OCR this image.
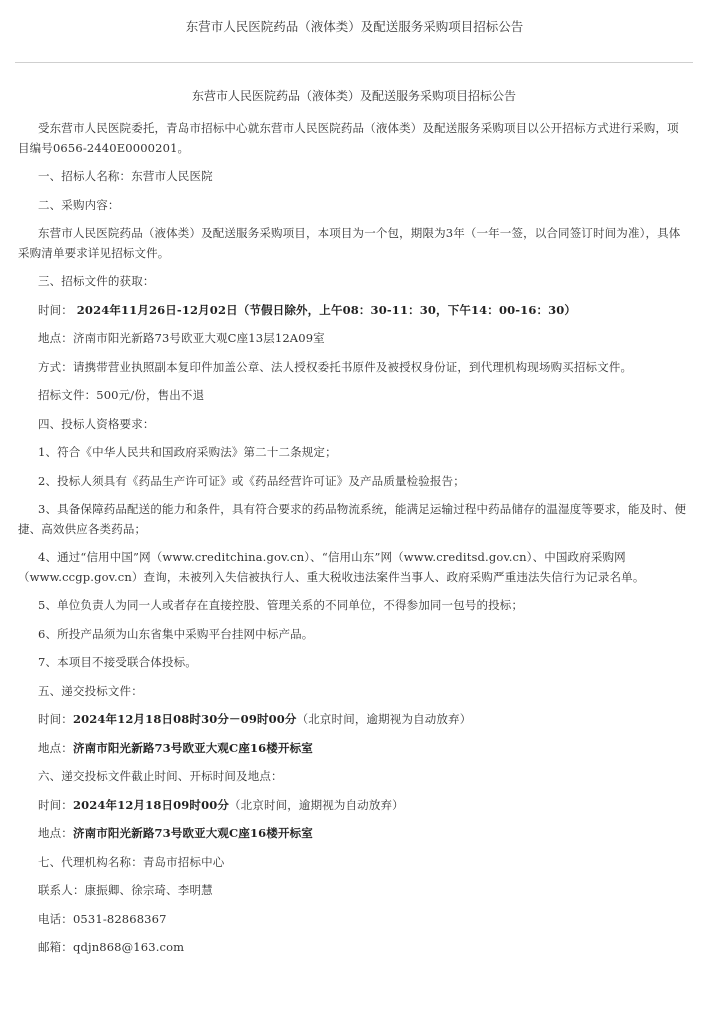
东营市人民医院药品（液体类）及配送服务采购项目招标公告
东营市人民医院药品（液体类）及配送服务采购项目招标公告

受东营市人民医院委托，青岛市招标中心就东营市人民医院药品（液体类）及配送服务采购项目以公开招标方式进行采购，项目编号0656-2440E0000201。

一、招标人名称：东营市人民医院

二、采购内容：

东营市人民医院药品（液体类）及配送服务采购项目，本项目为一个包，期限为3年（一年一签，以合同签订时间为准），具体采购清单要求详见招标文件。

三、招标文件的获取：

时间： 2024年11月26日-12月02日（节假日除外，上午08：30-11：30，下午14：00-16：30）

地点：济南市阳光新路73号欧亚大观C座13层12A09室

方式：请携带营业执照副本复印件加盖公章、法人授权委托书原件及被授权身份证，到代理机构现场购买招标文件。

招标文件：500元/份，售出不退

四、投标人资格要求：

1、符合《中华人民共和国政府采购法》第二十二条规定；

2、投标人须具有《药品生产许可证》或《药品经营许可证》及产品质量检验报告；

3、具备保障药品配送的能力和条件，具有符合要求的药品物流系统，能满足运输过程中药品储存的温湿度等要求，能及时、便捷、高效供应各类药品；

4、通过“信用中国”网（www.creditchina.gov.cn）、“信用山东”网（www.creditsd.gov.cn）、中国政府采购网（www.ccgp.gov.cn）查询，未被列入失信被执行人、重大税收违法案件当事人、政府采购严重违法失信行为记录名单。

5、单位负责人为同一人或者存在直接控股、管理关系的不同单位，不得参加同一包号的投标；

6、所投产品须为山东省集中采购平台挂网中标产品。

7、本项目不接受联合体投标。

五、递交投标文件：

时间：2024年12月18日08时30分－09时00分（北京时间，逾期视为自动放弃）

地点：济南市阳光新路73号欧亚大观C座16楼开标室

六、递交投标文件截止时间、开标时间及地点：

时间：2024年12月18日09时00分（北京时间，逾期视为自动放弃）

地点：济南市阳光新路73号欧亚大观C座16楼开标室

七、代理机构名称：青岛市招标中心

联系人：康振卿、徐宗琦、李明慧

电话：0531-82868367

邮箱：qdjn868@163.com
